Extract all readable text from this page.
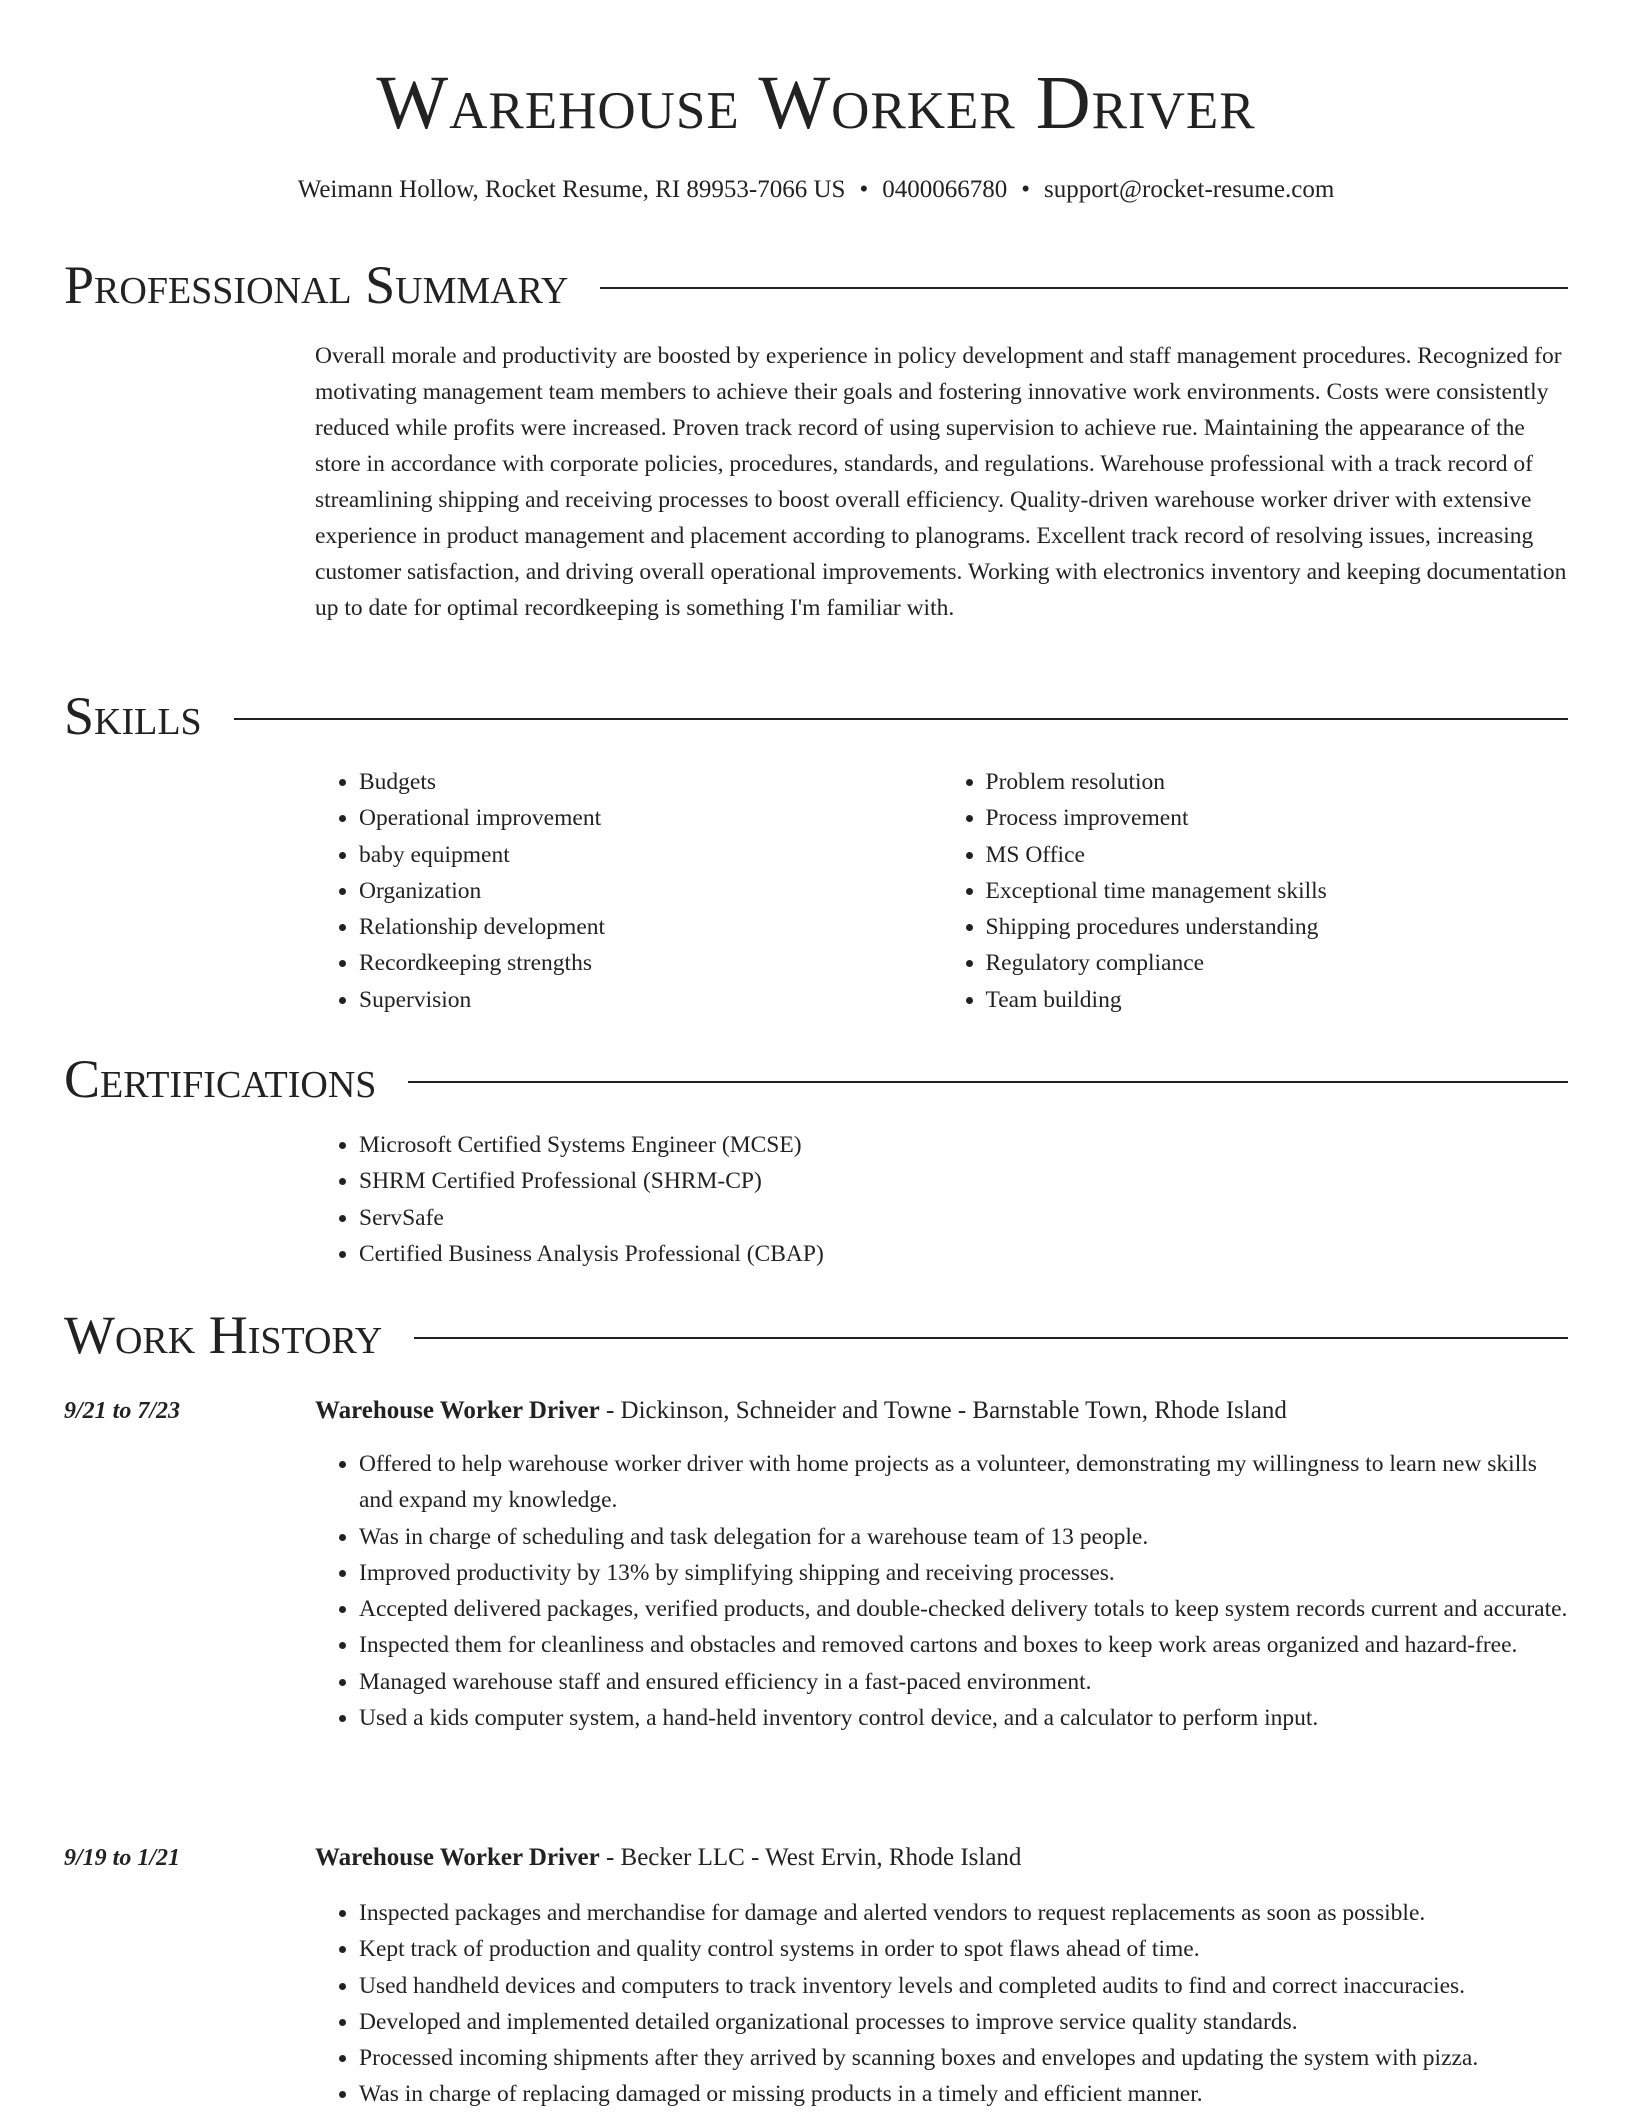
Warehouse Worker Driver
Weimann Hollow, Rocket Resume, RI 89953-7066 US • 0400066780 • support@rocket-resume.com
Professional Summary
Overall morale and productivity are boosted by experience in policy development and staff management procedures. Recognized for motivating management team members to achieve their goals and fostering innovative work environments. Costs were consistently reduced while profits were increased. Proven track record of using supervision to achieve rue. Maintaining the appearance of the store in accordance with corporate policies, procedures, standards, and regulations. Warehouse professional with a track record of streamlining shipping and receiving processes to boost overall efficiency. Quality-driven warehouse worker driver with extensive experience in product management and placement according to planograms. Excellent track record of resolving issues, increasing customer satisfaction, and driving overall operational improvements. Working with electronics inventory and keeping documentation up to date for optimal recordkeeping is something I'm familiar with.
Skills
• Budgets
• Operational improvement
• baby equipment
• Organization
• Relationship development
• Recordkeeping strengths
• Supervision
• Problem resolution
• Process improvement
• MS Office
• Exceptional time management skills
• Shipping procedures understanding
• Regulatory compliance
• Team building
Certifications
• Microsoft Certified Systems Engineer (MCSE)
• SHRM Certified Professional (SHRM-CP)
• ServSafe
• Certified Business Analysis Professional (CBAP)
Work History
9/21 to 7/23	Warehouse Worker Driver - Dickinson, Schneider and Towne - Barnstable Town, Rhode Island
• Offered to help warehouse worker driver with home projects as a volunteer, demonstrating my willingness to learn new skills and expand my knowledge.
• Was in charge of scheduling and task delegation for a warehouse team of 13 people.
• Improved productivity by 13% by simplifying shipping and receiving processes.
• Accepted delivered packages, verified products, and double-checked delivery totals to keep system records current and accurate.
• Inspected them for cleanliness and obstacles and removed cartons and boxes to keep work areas organized and hazard-free.
• Managed warehouse staff and ensured efficiency in a fast-paced environment.
• Used a kids computer system, a hand-held inventory control device, and a calculator to perform input.
9/19 to 1/21	Warehouse Worker Driver - Becker LLC - West Ervin, Rhode Island
• Inspected packages and merchandise for damage and alerted vendors to request replacements as soon as possible.
• Kept track of production and quality control systems in order to spot flaws ahead of time.
• Used handheld devices and computers to track inventory levels and completed audits to find and correct inaccuracies.
• Developed and implemented detailed organizational processes to improve service quality standards.
• Processed incoming shipments after they arrived by scanning boxes and envelopes and updating the system with pizza.
• Was in charge of replacing damaged or missing products in a timely and efficient manner.
